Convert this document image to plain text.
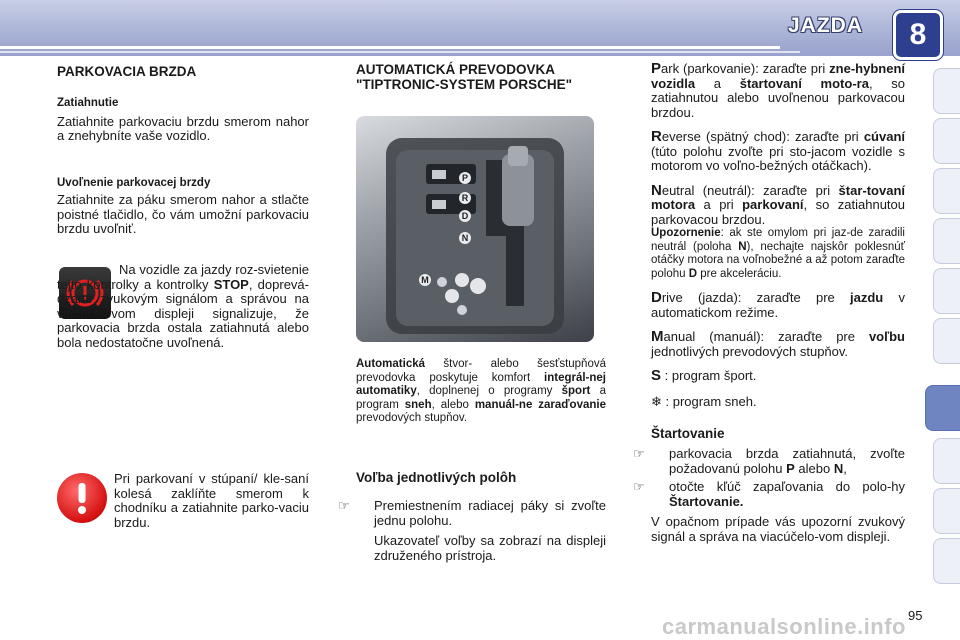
JAZDA	8
PARKOVACIA BRZDA
Zatiahnutie

Zatiahnite parkovaciu brzdu smerom nahor a znehybníte vaše vozidlo.

Uvoľnenie parkovacej brzdy

Zatiahnite za páku smerom nahor a stlačte poistné tlačidlo, čo vám umožní parkovaciu brzdu uvoľniť.

Na vozidle za jazdy roz-svietenie tejto kontrolky a kontrolky STOP, doprevá-dzané zvukovým signálom a správou na viacúčelovom displeji signalizuje, že parkovacia brzda ostala zatiahnutá alebo bola nedostatočne uvoľnená.

Pri parkovaní v stúpaní/ kle-saní kolesá zaklíňte smerom k chodníku a zatiahnite parko-vaciu brzdu.

AUTOMATICKÁ PREVODOVKA "TIPTRONIC-SYSTEM PORSCHE"
P
R
N
D
M

Automatická štvor- alebo šesťstupňová prevodovka poskytuje komfort integrál-nej automatiky, doplnenej o programy šport a program sneh, alebo manuál-ne zaraďovanie prevodových stupňov.

Voľba jednotlivých polôh

☞ Premiestnením radiacej páky si zvoľte jednu polohu.

Ukazovateľ voľby sa zobrazí na displeji združeného prístroja.

Park (parkovanie): zaraďte pri zne-hybnení vozidla a štartovaní moto-ra, so zatiahnutou alebo uvoľnenou parkovacou brzdou.

Reverse (spätný chod): zaraďte pri cúvaní (túto polohu zvoľte pri sto-jacom vozidle s motorom vo voľno-bežných otáčkach).

Neutral (neutrál): zaraďte pri štar-tovaní motora a pri parkovaní, so zatiahnutou parkovacou brzdou.

Upozornenie: ak ste omylom pri jaz-de zaradili neutrál (poloha N), nechajte najskôr poklesnúť otáčky motora na voľnobežné a až potom zaraďte polohu D pre akceleráciu.

Drive (jazda): zaraďte pre jazdu v automatickom režime.

Manual (manuál): zaraďte pre voľbu jednotlivých prevodových stupňov.

S : program šport.

❄ : program sneh.

Štartovanie

☞ parkovacia brzda zatiahnutá, zvoľte požadovanú polohu P alebo N,

☞ otočte kľúč zapaľovania do polo-hy Štartovanie.

V opačnom prípade vás upozorní zvukový signál a správa na viacúčelo-vom displeji.

carmanualsonline.info 95
